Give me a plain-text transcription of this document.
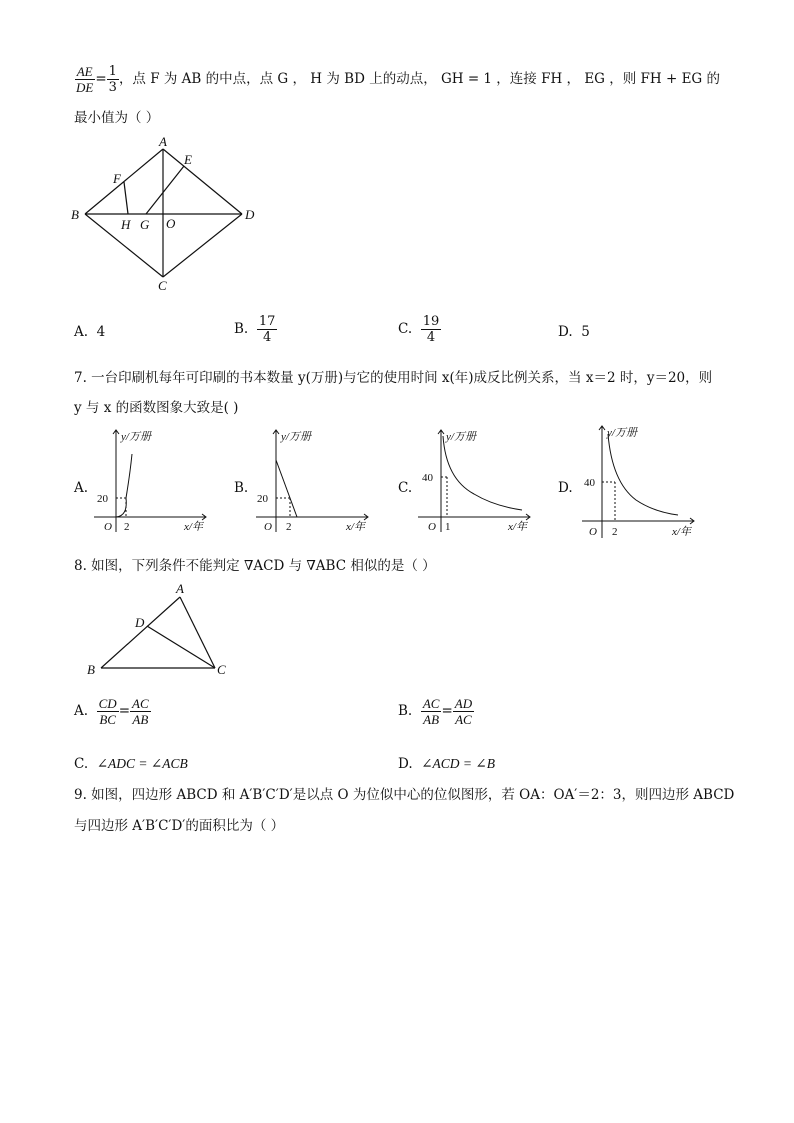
$\frac{AE}{DE} = \frac{1}{3}$ ，点 F 为 AB 的中点，点 G ， H 为 BD 上的动点， GH = 1 ，连接 FH ， EG ，则 FH + EG 的
最小值为（ ）
A
E
F
B	D
H G O
C
A. 4	B. $\frac{17}{4}$	C. $\frac{19}{4}$	D. 5
7. 一台印刷机每年可印刷的书本数量 y(万册)与它的使用时间 x(年)成反比例关系，当 x＝2 时，y＝20，则
y 与 x 的函数图象大致是( )
A.
y/万册
20
O 2	x/年
B.
y/万册
20
O 2	x/年
C.
y/万册
40
O 1	x/年
D.
y/万册
40
O 2	x/年
8. 如图，下列条件不能判定 ∇ACD 与 ∇ABC 相似的是（ ）
A
D
B	C
A. $\frac{CD}{BC} = \frac{AC}{AB}$	B. $\frac{AC}{AB} = \frac{AD}{AC}$
C. ∠ADC = ∠ACB	D. ∠ACD = ∠B
9. 如图，四边形 ABCD 和 A′B′C′D′是以点 O 为位似中心的位似图形，若 OA：OA′＝2：3，则四边形 ABCD
与四边形 A′B′C′D′的面积比为（ ）
